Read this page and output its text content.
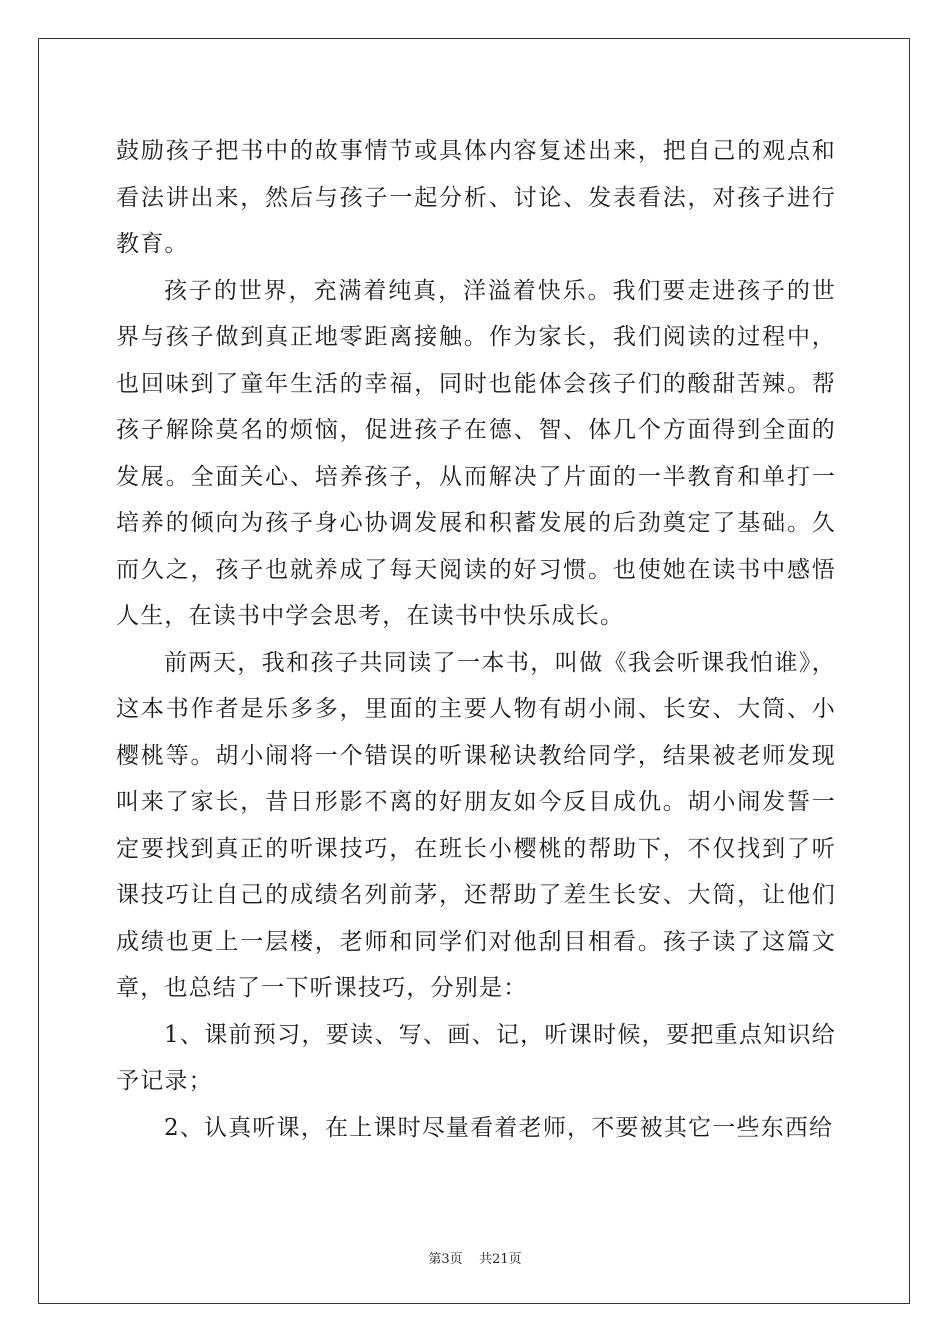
鼓励孩子把书中的故事情节或具体内容复述出来，把自己的观点和看法讲出来，然后与孩子一起分析、讨论、发表看法，对孩子进行教育。

孩子的世界，充满着纯真，洋溢着快乐。我们要走进孩子的世界与孩子做到真正地零距离接触。作为家长，我们阅读的过程中，也回味到了童年生活的幸福，同时也能体会孩子们的酸甜苦辣。帮孩子解除莫名的烦恼，促进孩子在德、智、体几个方面得到全面的发展。全面关心、培养孩子，从而解决了片面的一半教育和单打一培养的倾向为孩子身心协调发展和积蓄发展的后劲奠定了基础。久而久之，孩子也就养成了每天阅读的好习惯。也使她在读书中感悟人生，在读书中学会思考，在读书中快乐成长。

前两天，我和孩子共同读了一本书，叫做《我会听课我怕谁》，这本书作者是乐多多，里面的主要人物有胡小闹、长安、大筒、小樱桃等。胡小闹将一个错误的听课秘诀教给同学，结果被老师发现叫来了家长，昔日形影不离的好朋友如今反目成仇。胡小闹发誓一定要找到真正的听课技巧，在班长小樱桃的帮助下，不仅找到了听课技巧让自己的成绩名列前茅，还帮助了差生长安、大筒，让他们成绩也更上一层楼，老师和同学们对他刮目相看。孩子读了这篇文章，也总结了一下听课技巧，分别是：

1、课前预习，要读、写、画、记，听课时候，要把重点知识给予记录；

2、认真听课，在上课时尽量看着老师，不要被其它一些东西给

第3页 共21页
